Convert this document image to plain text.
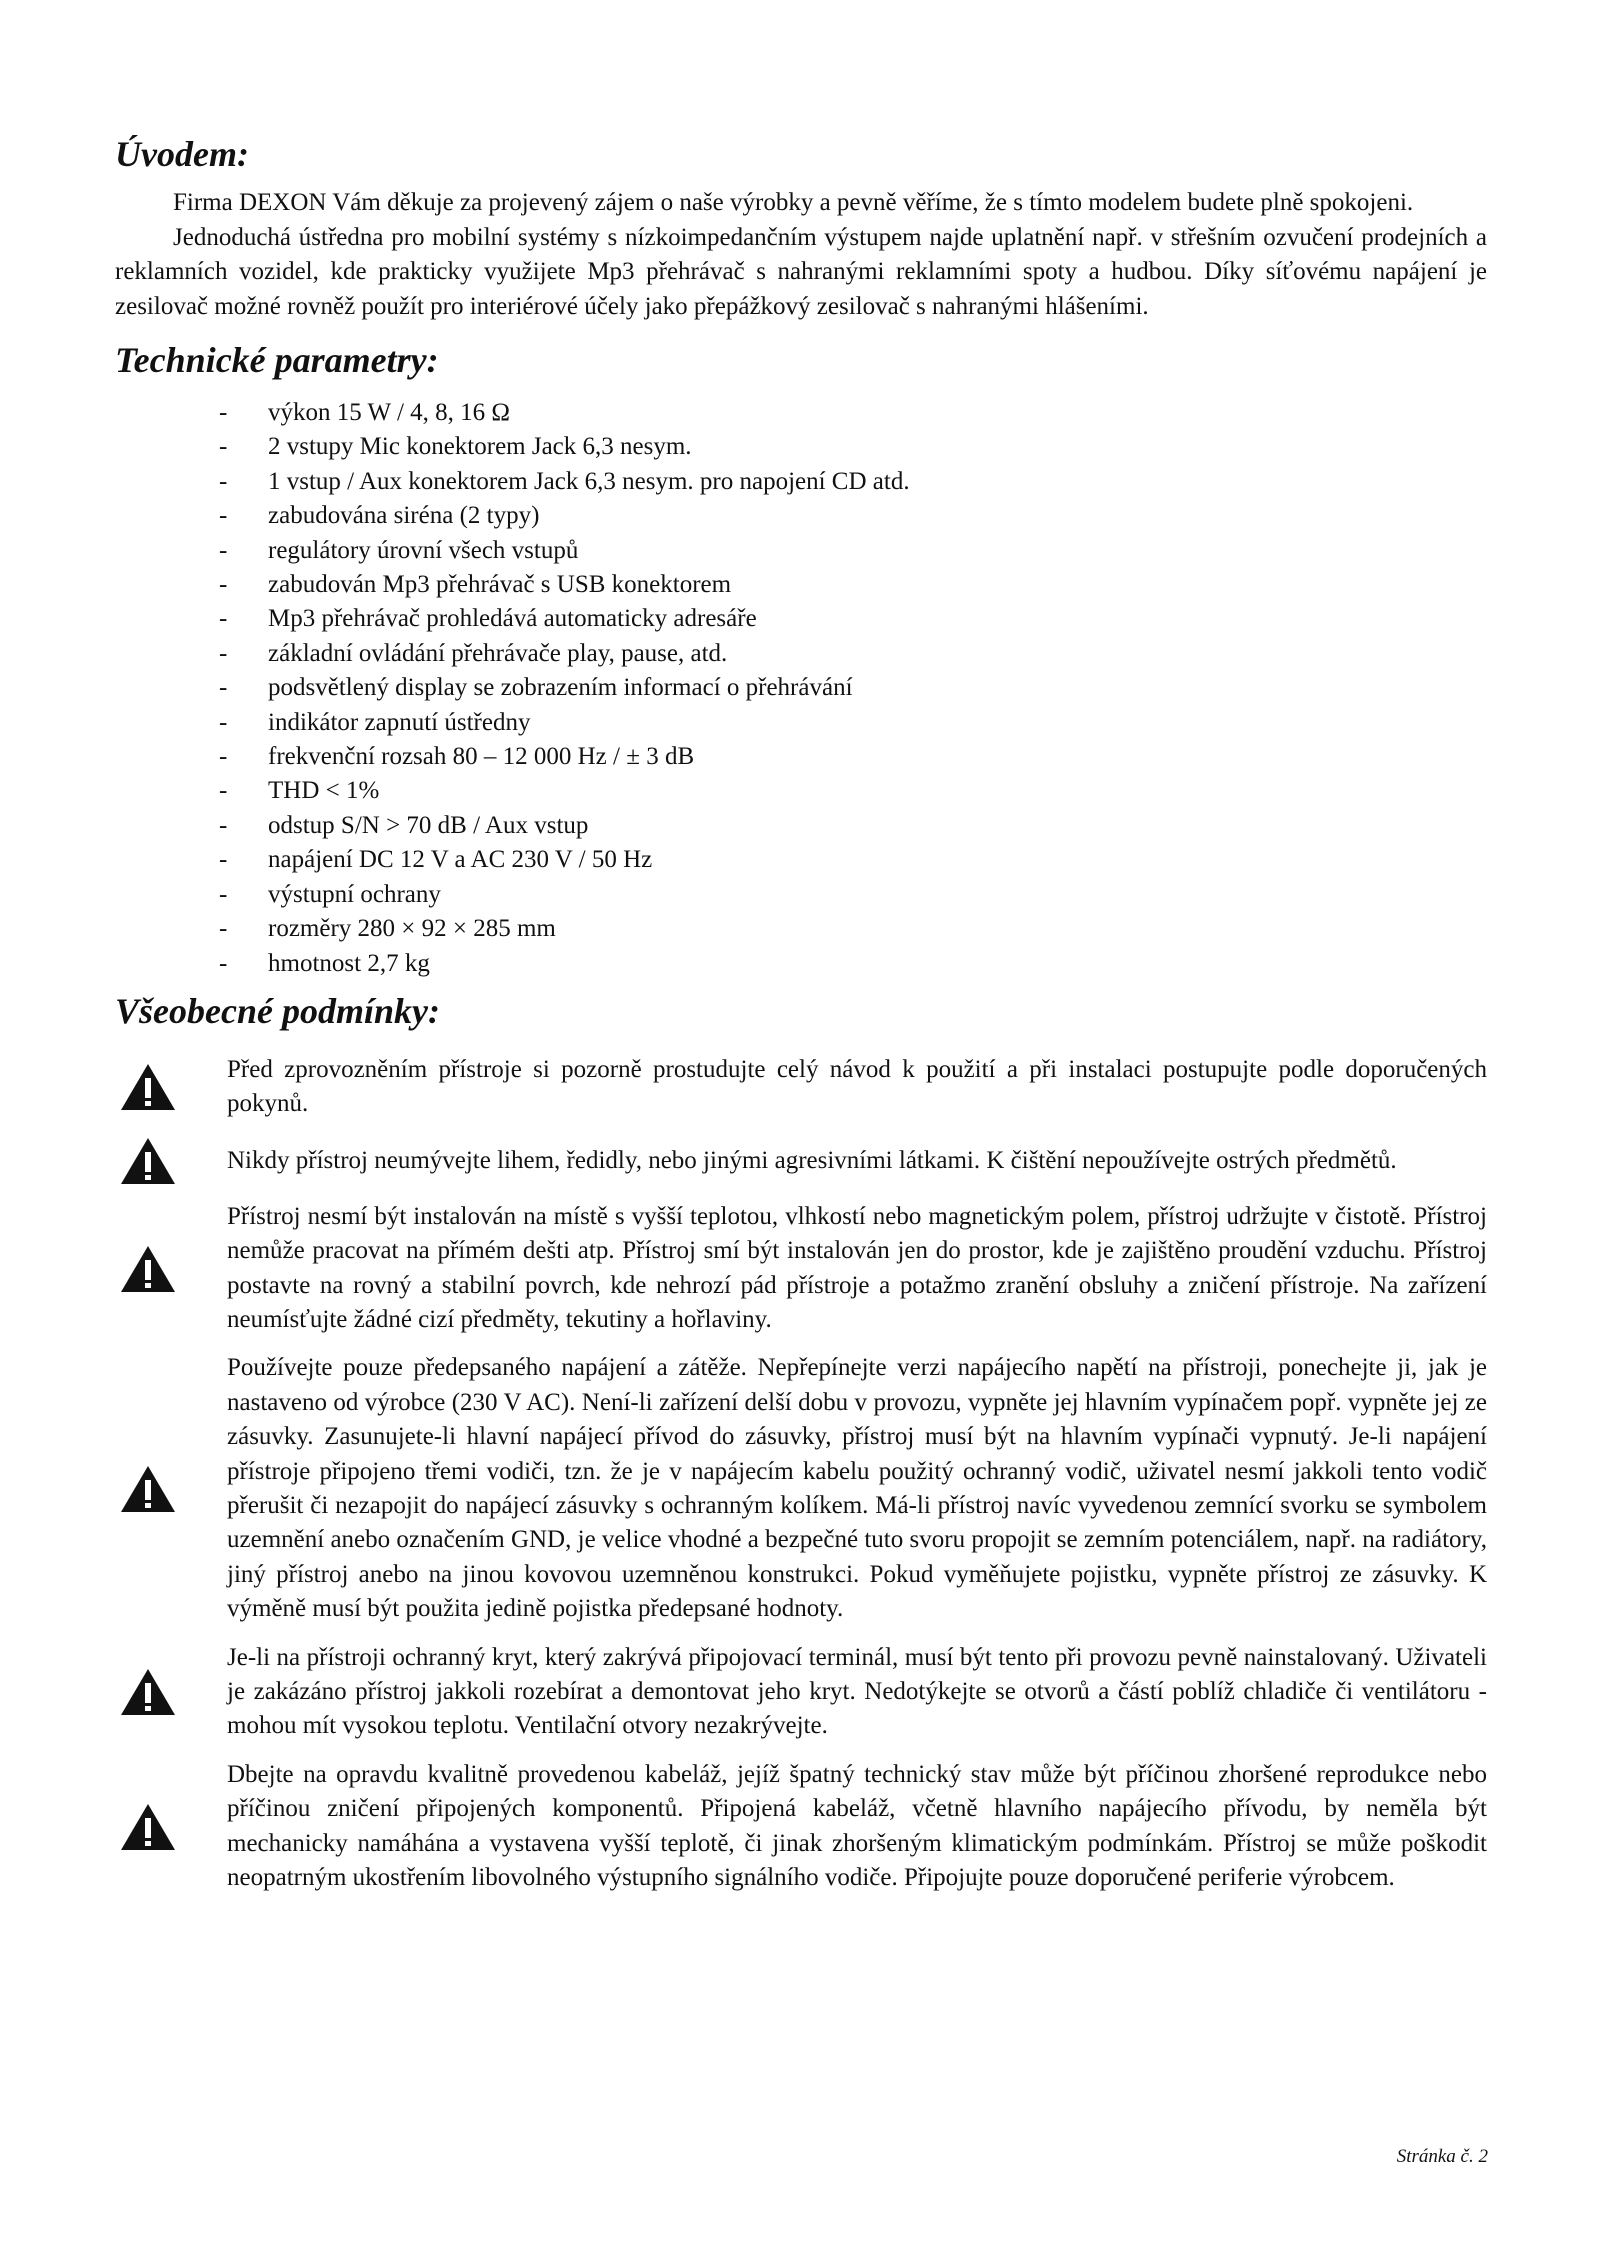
Úvodem:

Firma DEXON Vám děkuje za projevený zájem o naše výrobky a pevně věříme, že s tímto modelem budete plně spokojeni.

Jednoduchá ústředna pro mobilní systémy s nízkoimpedančním výstupem najde uplatnění např. v střešním ozvučení prodejních a reklamních vozidel, kde prakticky využijete Mp3 přehrávač s nahranými reklamními spoty a hudbou. Díky síťovému napájení je zesilovač možné rovněž použít pro interiérové účely jako přepážkový zesilovač s nahranými hlášeními.

Technické parametry:
-	výkon 15 W / 4, 8, 16 Ω
-	2 vstupy Mic konektorem Jack 6,3 nesym.
-	1 vstup / Aux konektorem Jack 6,3 nesym. pro napojení CD atd.
-	zabudována siréna (2 typy)
-	regulátory úrovní všech vstupů
-	zabudován Mp3 přehrávač s USB konektorem
-	Mp3 přehrávač prohledává automaticky adresáře
-	základní ovládání přehrávače play, pause, atd.
-	podsvětlený display se zobrazením informací o přehrávání
-	indikátor zapnutí ústředny
-	frekvenční rozsah 80 – 12 000 Hz / ± 3 dB
-	THD < 1%
-	odstup S/N > 70 dB / Aux vstup
-	napájení DC 12 V a AC 230 V / 50 Hz
-	výstupní ochrany
-	rozměry 280 × 92 × 285 mm
-	hmotnost 2,7 kg
Všeobecné podmínky:
Před zprovozněním přístroje si pozorně prostudujte celý návod k použití a při instalaci postupujte podle doporučených pokynů.
Nikdy přístroj neumývejte lihem, ředidly, nebo jinými agresivními látkami. K čištění nepoužívejte ostrých předmětů.
Přístroj nesmí být instalován na místě s vyšší teplotou, vlhkostí nebo magnetickým polem, přístroj udržujte v čistotě. Přístroj nemůže pracovat na přímém dešti atp. Přístroj smí být instalován jen do prostor, kde je zajištěno proudění vzduchu. Přístroj postavte na rovný a stabilní povrch, kde nehrozí pád přístroje a potažmo zranění obsluhy a zničení přístroje. Na zařízení neumísťujte žádné cizí předměty, tekutiny a hořlaviny.
Používejte pouze předepsaného napájení a zátěže. Nepřepínejte verzi napájecího napětí na přístroji, ponechejte ji, jak je nastaveno od výrobce (230 V AC). Není-li zařízení delší dobu v provozu, vypněte jej hlavním vypínačem popř. vypněte jej ze zásuvky. Zasunujete-li hlavní napájecí přívod do zásuvky, přístroj musí být na hlavním vypínači vypnutý. Je-li napájení přístroje připojeno třemi vodiči, tzn. že je v napájecím kabelu použitý ochranný vodič, uživatel nesmí jakkoli tento vodič přerušit či nezapojit do napájecí zásuvky s ochranným kolíkem. Má-li přístroj navíc vyvedenou zemnící svorku se symbolem uzemnění anebo označením GND, je velice vhodné a bezpečné tuto svoru propojit se zemním potenciálem, např. na radiátory, jiný přístroj anebo na jinou kovovou uzemněnou konstrukci. Pokud vyměňujete pojistku, vypněte přístroj ze zásuvky. K výměně musí být použita jedině pojistka předepsané hodnoty.
Je-li na přístroji ochranný kryt, který zakrývá připojovací terminál, musí být tento při provozu pevně nainstalovaný. Uživateli je zakázáno přístroj jakkoli rozebírat a demontovat jeho kryt. Nedotýkejte se otvorů a částí poblíž chladiče či ventilátoru - mohou mít vysokou teplotu. Ventilační otvory nezakrývejte.
Dbejte na opravdu kvalitně provedenou kabeláž, jejíž špatný technický stav může být příčinou zhoršené reprodukce nebo příčinou zničení připojených komponentů. Připojená kabeláž, včetně hlavního napájecího přívodu, by neměla být mechanicky namáhána a vystavena vyšší teplotě, či jinak zhoršeným klimatickým podmínkám. Přístroj se může poškodit neopatrným ukostřením libovolného výstupního signálního vodiče. Připojujte pouze doporučené periferie výrobcem.
Stránka č. 2
